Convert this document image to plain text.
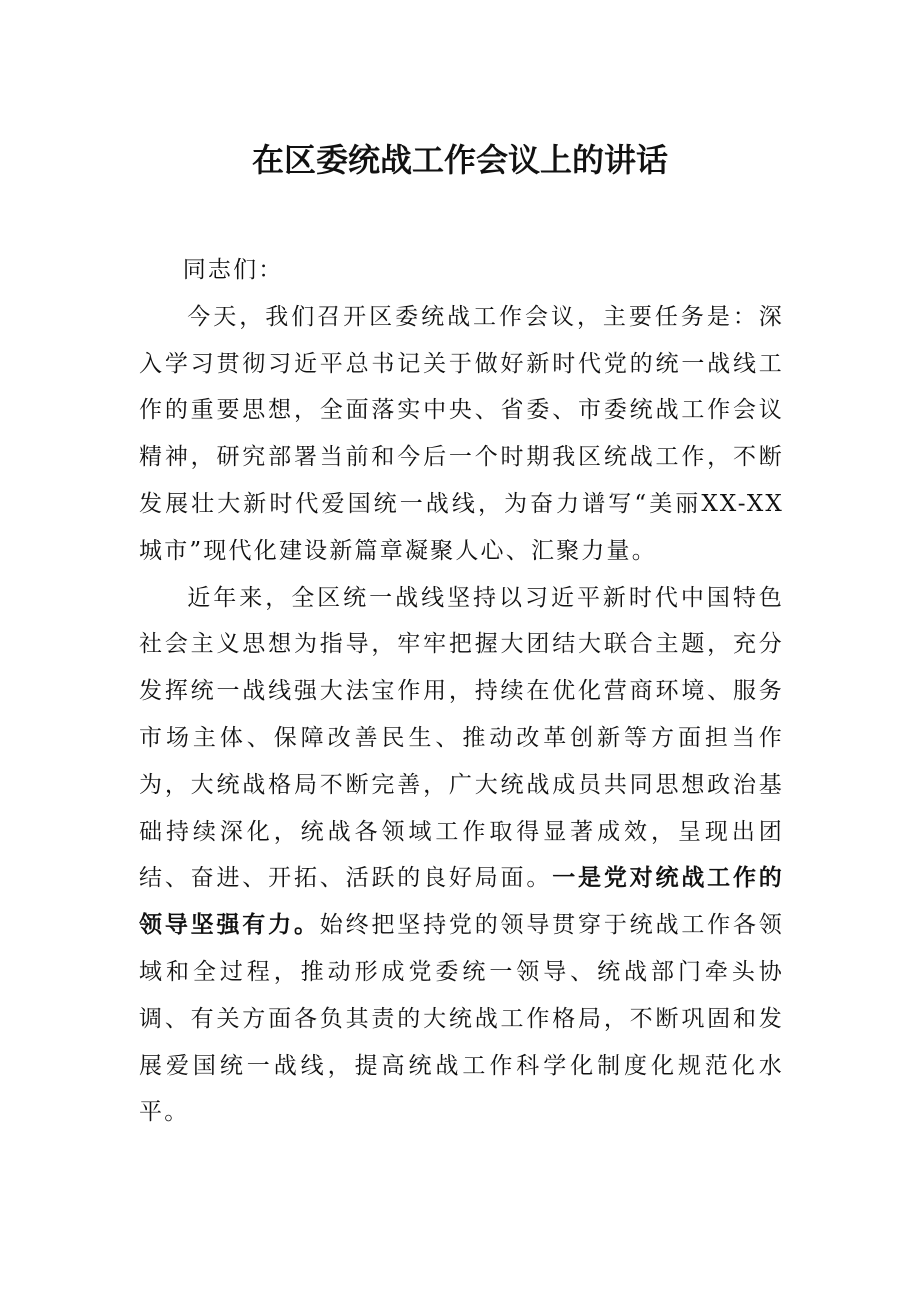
在区委统战工作会议上的讲话

同志们：

今天，我们召开区委统战工作会议，主要任务是：深入学习贯彻习近平总书记关于做好新时代党的统一战线工作的重要思想，全面落实中央、省委、市委统战工作会议精神，研究部署当前和今后一个时期我区统战工作，不断发展壮大新时代爱国统一战线，为奋力谱写“美丽XX-XX城市”现代化建设新篇章凝聚人心、汇聚力量。

近年来，全区统一战线坚持以习近平新时代中国特色社会主义思想为指导，牢牢把握大团结大联合主题，充分发挥统一战线强大法宝作用，持续在优化营商环境、服务市场主体、保障改善民生、推动改革创新等方面担当作为，大统战格局不断完善，广大统战成员共同思想政治基础持续深化，统战各领域工作取得显著成效，呈现出团结、奋进、开拓、活跃的良好局面。一是党对统战工作的领导坚强有力。始终把坚持党的领导贯穿于统战工作各领域和全过程，推动形成党委统一领导、统战部门牵头协调、有关方面各负其责的大统战工作格局，不断巩固和发展爱国统一战线，提高统战工作科学化制度化规范化水平。
